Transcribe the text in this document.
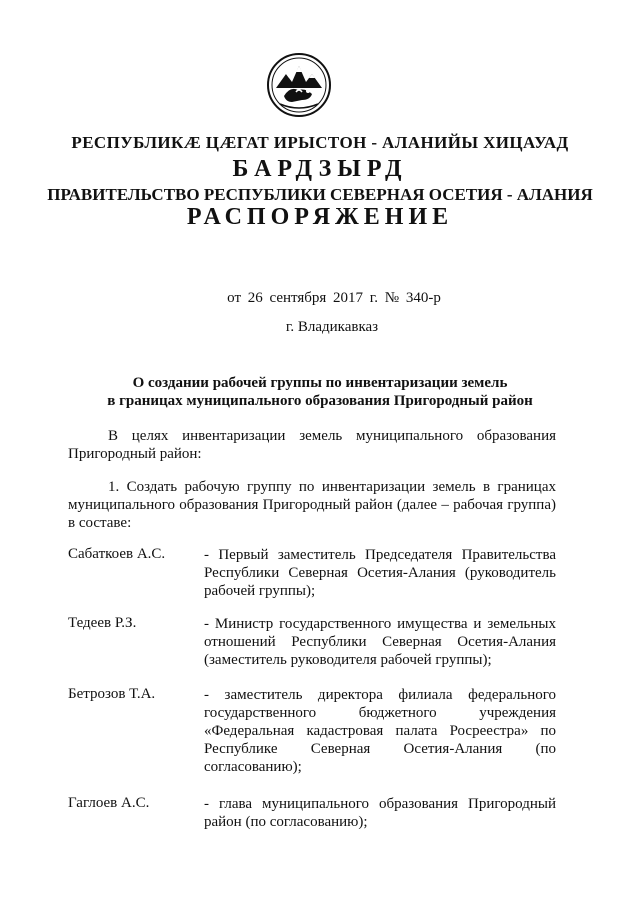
РЕСПУБЛИКÆ ЦÆГАТ ИРЫСТОН - АЛАНИЙЫ ХИЦАУАД
БАРДЗЫРД
ПРАВИТЕЛЬСТВО РЕСПУБЛИКИ СЕВЕРНАЯ ОСЕТИЯ - АЛАНИЯ
РАСПОРЯЖЕНИЕ
от 26 сентября 2017 г. № 340-р
г. Владикавказ
О создании рабочей группы по инвентаризации земель
в границах муниципального образования Пригородный район
В целях инвентаризации земель муниципального образования Пригородный район:
1. Создать рабочую группу по инвентаризации земель в границах муниципального образования Пригородный район (далее – рабочая группа) в составе:
Сабаткоев А.С.	- Первый заместитель Председателя Правительства Республики Северная Осетия-Алания (руководитель рабочей группы);
Тедеев Р.З.	- Министр государственного имущества и земельных отношений Республики Северная Осетия-Алания (заместитель руководителя рабочей группы);
Бетрозов Т.А.	- заместитель директора филиала федерального государственного бюджетного учреждения «Федеральная кадастровая палата Росреестра» по Республике Северная Осетия-Алания (по согласованию);
Гаглоев А.С.	- глава муниципального образования Пригородный район (по согласованию);
